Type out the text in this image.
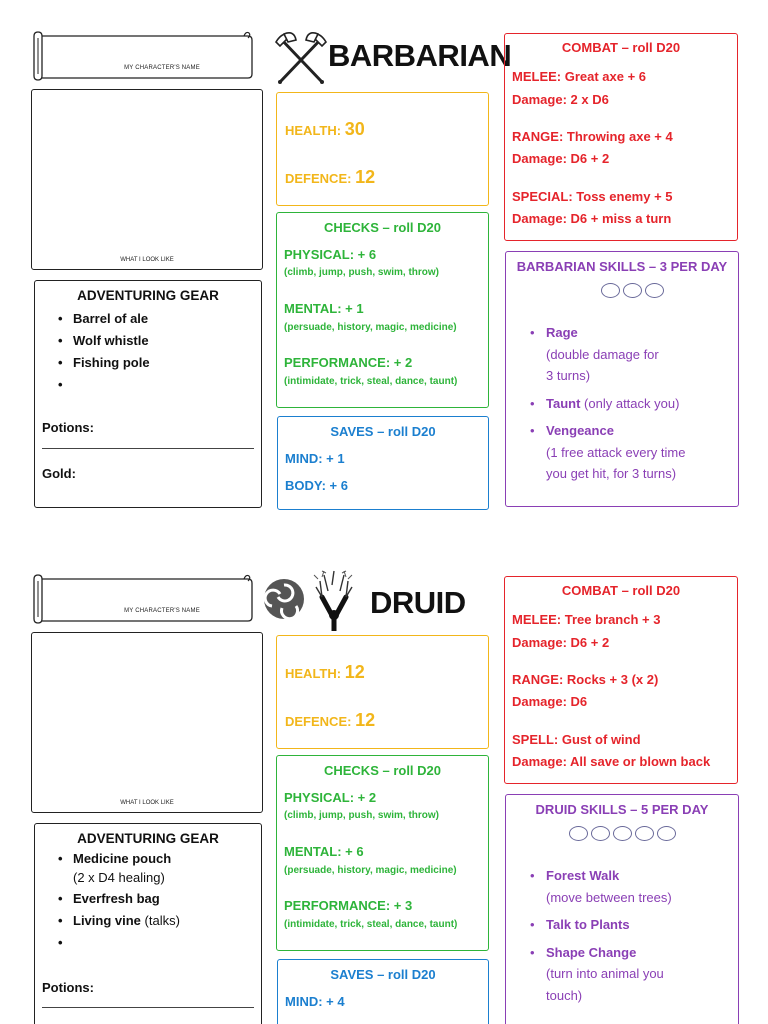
MY CHARACTER'S NAME
WHAT I LOOK LIKE
ADVENTURING GEAR
• Barrel of ale
• Wolf whistle
• Fishing pole
•
Potions:
Gold:
BARBARIAN
HEALTH: 30
DEFENCE: 12
CHECKS – roll D20
PHYSICAL: + 6
(climb, jump, push, swim, throw)
MENTAL: + 1
(persuade, history, magic, medicine)
PERFORMANCE: + 2
(intimidate, trick, steal, dance, taunt)
SAVES – roll D20
MIND: + 1
BODY: + 6
COMBAT – roll D20
MELEE: Great axe + 6
Damage: 2 x D6
RANGE: Throwing axe + 4
Damage: D6 + 2
SPECIAL: Toss enemy + 5
Damage: D6 + miss a turn
BARBARIAN SKILLS – 3 PER DAY
• Rage
(double damage for
3 turns)
• Taunt (only attack you)
• Vengeance
(1 free attack every time
you get hit, for 3 turns)
MY CHARACTER'S NAME
WHAT I LOOK LIKE
ADVENTURING GEAR
• Medicine pouch
(2 x D4 healing)
• Everfresh bag
• Living vine (talks)
•
Potions:
DRUID
HEALTH: 12
DEFENCE: 12
CHECKS – roll D20
PHYSICAL: + 2
(climb, jump, push, swim, throw)
MENTAL: + 6
(persuade, history, magic, medicine)
PERFORMANCE: + 3
(intimidate, trick, steal, dance, taunt)
SAVES – roll D20
MIND: + 4
COMBAT – roll D20
MELEE: Tree branch + 3
Damage: D6 + 2
RANGE: Rocks + 3 (x 2)
Damage: D6
SPELL: Gust of wind
Damage: All save or blown back
DRUID SKILLS – 5 PER DAY
• Forest Walk
(move between trees)
• Talk to Plants
• Shape Change
(turn into animal you
touch)
